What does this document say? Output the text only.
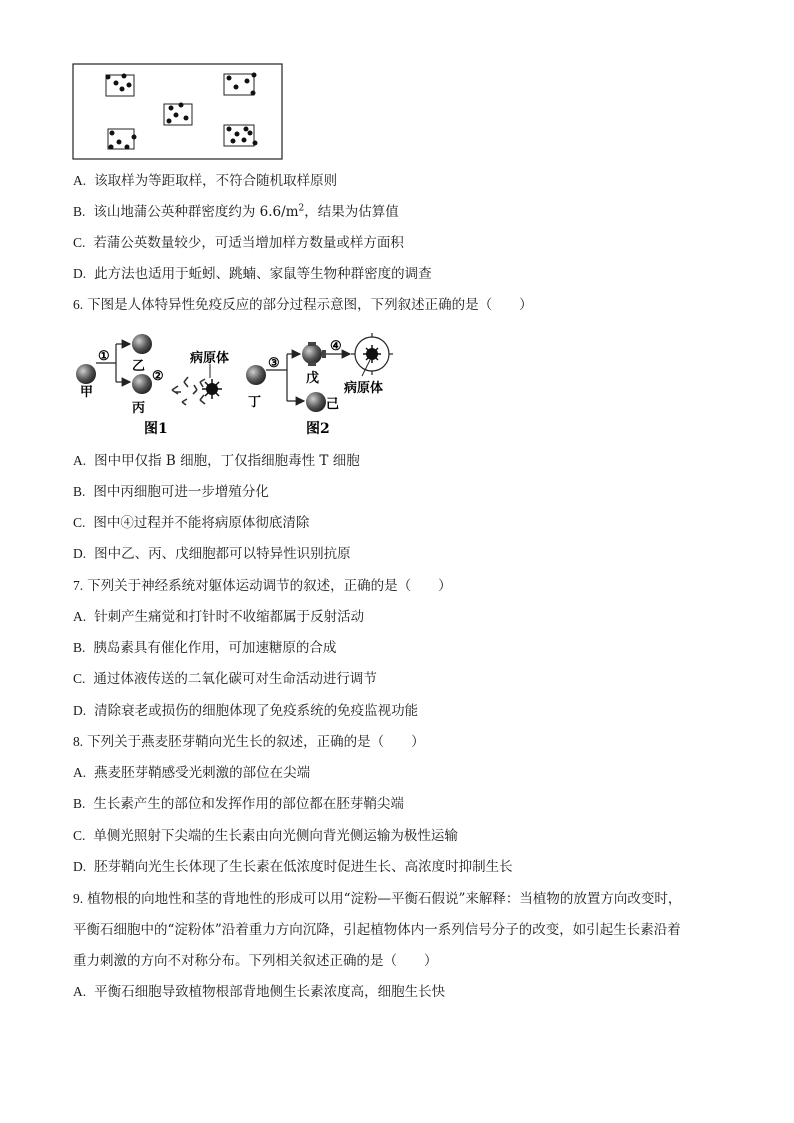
A. 该取样为等距取样，不符合随机取样原则
B. 该山地蒲公英种群密度约为 $6.6/m^2$，结果为估算值
C. 若蒲公英数量较少，可适当增加样方数量或样方面积
D. 此方法也适用于蚯蚓、跳蝻、家鼠等生物种群密度的调查
6. 下图是人体特异性免疫反应的部分过程示意图，下列叙述正确的是（　　）
甲
①
乙
丙
②
病原体
图1
丁
③
戊
己
④
病原体
图2
A. 图中甲仅指 B 细胞，丁仅指细胞毒性 T 细胞
B. 图中丙细胞可进一步增殖分化
C. 图中④过程并不能将病原体彻底清除
D. 图中乙、丙、戊细胞都可以特异性识别抗原
7. 下列关于神经系统对躯体运动调节的叙述，正确的是（　　）
A. 针刺产生痛觉和打针时不收缩都属于反射活动
B. 胰岛素具有催化作用，可加速糖原的合成
C. 通过体液传送的二氧化碳可对生命活动进行调节
D. 清除衰老或损伤的细胞体现了免疫系统的免疫监视功能
8. 下列关于燕麦胚芽鞘向光生长的叙述，正确的是（　　）
A. 燕麦胚芽鞘感受光刺激的部位在尖端
B. 生长素产生的部位和发挥作用的部位都在胚芽鞘尖端
C. 单侧光照射下尖端的生长素由向光侧向背光侧运输为极性运输
D. 胚芽鞘向光生长体现了生长素在低浓度时促进生长、高浓度时抑制生长
9. 植物根的向地性和茎的背地性的形成可以用“淀粉—平衡石假说”来解释：当植物的放置方向改变时，
平衡石细胞中的“淀粉体”沿着重力方向沉降，引起植物体内一系列信号分子的改变，如引起生长素沿着
重力刺激的方向不对称分布。下列相关叙述正确的是（　　）
A. 平衡石细胞导致植物根部背地侧生长素浓度高，细胞生长快
